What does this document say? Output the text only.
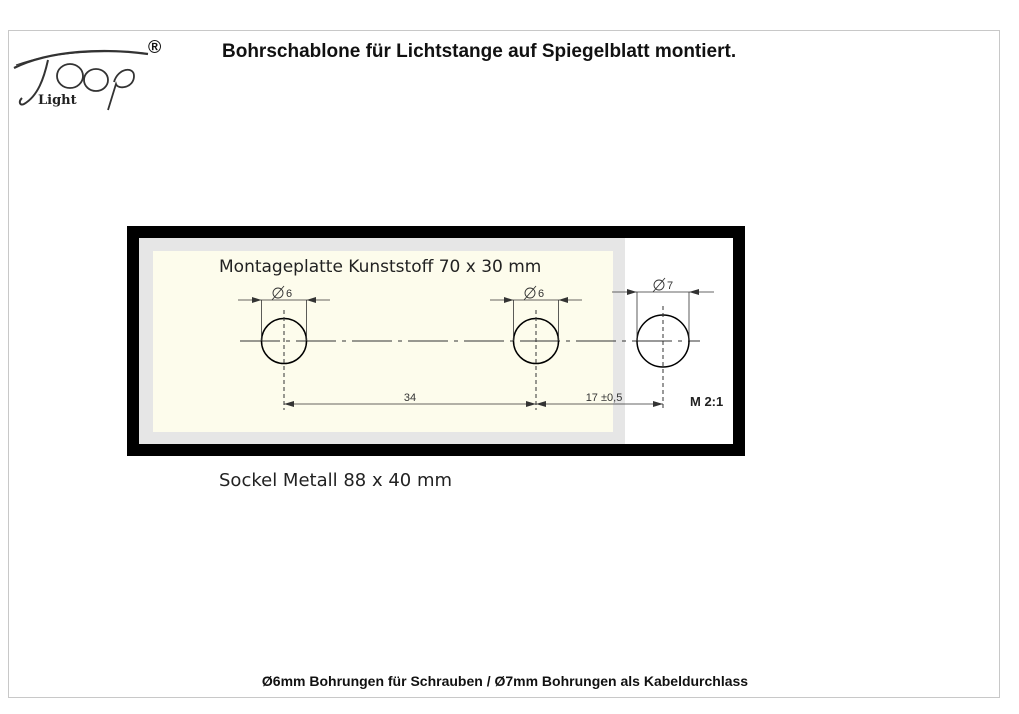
Light
®	Bohrschablone für Lichtstange auf Spiegelblatt montiert.
6	6
7
34	17 ±0,5
Montageplatte Kunststoff 70 x 30 mm
M 2:1
Sockel Metall 88 x 40 mm
Ø6mm Bohrungen für Schrauben / Ø7mm Bohrungen als Kabeldurchlass
